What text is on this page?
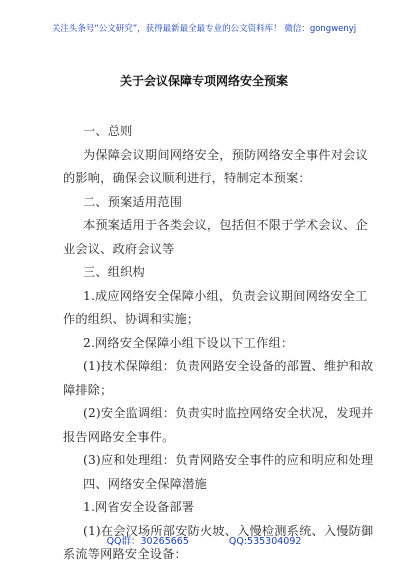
关注头条号“公文研究”，获得最新最全最专业的公文资料库！ 微信：gongwenyj
关于会议保障专项网络安全预案
一、总则
为保障会议期间网络安全，预防网络安全事件对会议
的影响，确保会议顺利进行，特制定本预案：
二、预案适用范围
本预案适用于各类会议，包括但不限于学术会议、企
业会议、政府会议等
三、组织构
1.成应网络安全保障小组，负责会议期间网络安全工
作的组织、协调和实施；
2.网络安全保障小组下设以下工作组：
(1)技术保障组：负责网路安全设备的部置、维护和故
障排除；
(2)安全监调组：负责实时监控网络安全状况，发现并
报告网路安全事件。
(3)应和处理组：负青网路安全事件的应和明应和处理
四、网络安全保障潜施
1.网省安全设备部署
(1)在会汉场所部安防火坡、入慢检测系统、入慢防御
系流等网路安全设备：
QQ群：30265665	QQ:535304092
